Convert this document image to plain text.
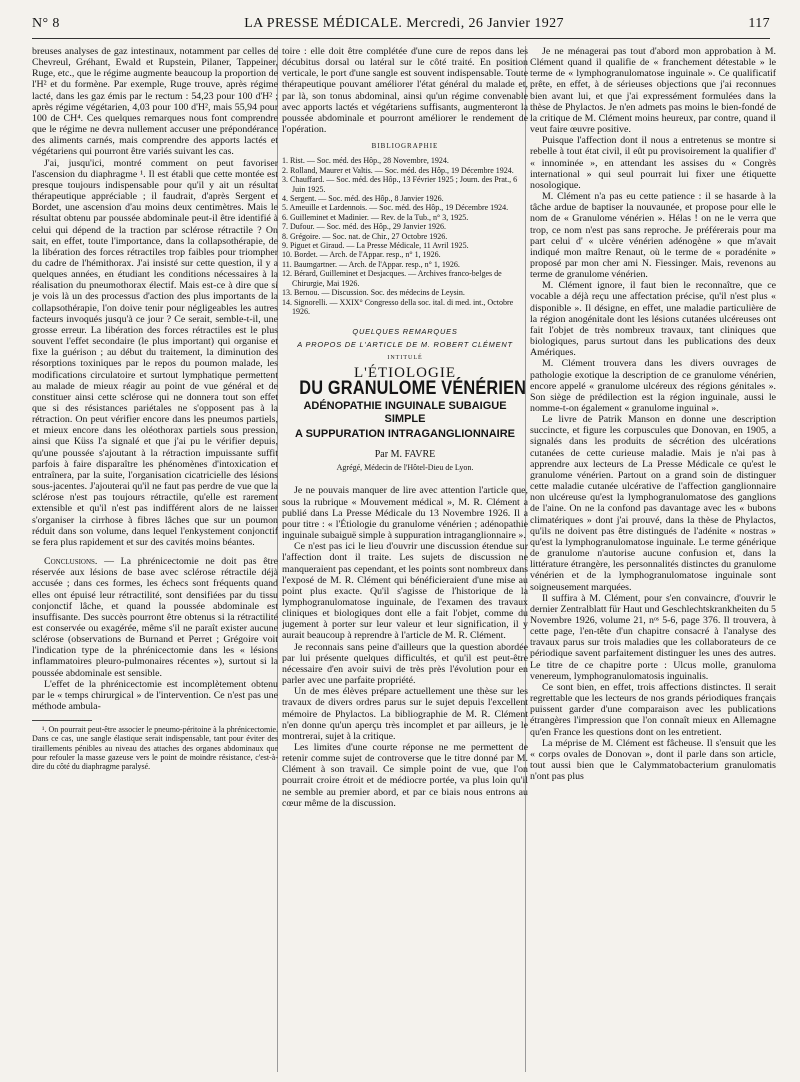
N° 8	LA PRESSE MÉDICALE. Mercredi, 26 Janvier 1927	117

breuses analyses de gaz intestinaux, notamment par celles de Chevreul, Gréhant, Ewald et Rupstein, Pilaner, Tappeiner, Ruge, etc., que le régime augmente beaucoup la proportion de l'H² et du formène. Par exemple, Ruge trouve, après régime lacté, dans les gaz émis par le rectum : 54,23 pour 100 d'H² ; après régime végétarien, 4,03 pour 100 d'H², mais 55,94 pour 100 de CH⁴. Ces quelques remarques nous font comprendre que le régime ne devra nullement accuser une prépondérance des aliments carnés, mais comprendre des apports lactés et végétariens qui pourront être variés suivant les cas.

J'ai, jusqu'ici, montré comment on peut favoriser l'ascension du diaphragme ¹. Il est établi que cette montée est presque toujours indispensable pour qu'il y ait un résultat thérapeutique appréciable ; il faudrait, d'après Sergent et Bordet, une ascension d'au moins deux centimètres. Mais le résultat obtenu par poussée abdominale peut-il être identifié à celui qui dépend de la traction par sclérose rétractile ? On sait, en effet, toute l'importance, dans la collapsothérapie, de la libération des forces rétractiles trop faibles pour triompher du cadre de l'hémithorax. J'ai insisté sur cette question, il y a quelques années, en étudiant les conditions nécessaires à la réalisation du pneumothorax électif. Mais est-ce à dire que si je vois là un des processus d'action des plus importants de la collapsothérapie, l'on doive tenir pour négligeables les autres facteurs invoqués jusqu'à ce jour ? Ce serait, semble-t-il, une grosse erreur. La libération des forces rétractiles est le plus souvent l'effet secondaire (le plus important) qui organise et fixe la guérison ; au début du traitement, la diminution des résorptions toxiniques par le repos du poumon malade, les modifications circulatoire et surtout lymphatique permettent au malade de mieux réagir au point de vue général et de constituer ainsi cette sclérose qui ne donnera tout son effet que si des résistances pariétales ne s'opposent pas à la rétraction. On peut vérifier encore dans les pneumos partiels, et mieux encore dans les oléothorax partiels sous pression, ainsi que Küss l'a signalé et que j'ai pu le vérifier depuis, qu'une poussée s'ajoutant à la rétraction impuissante suffit parfois à faire disparaître les phénomènes d'intoxication et entraînera, par la suite, l'organisation cicatricielle des lésions sous-jacentes. J'ajouterai qu'il ne faut pas perdre de vue que la sclérose n'est pas toujours rétractile, qu'elle est rarement extensible et qu'il n'est pas indifférent alors de ne laisser s'organiser la cirrhose à fibres lâches que sur un poumon réduit dans son volume, dans lequel l'enkystement conjonctif se fera plus rapidement et sur des cavités moins béantes.

Conclusions. — La phrénicectomie ne doit pas être réservée aux lésions de base avec sclérose rétractile déjà accusée ; dans ces formes, les échecs sont fréquents quand elles ont épuisé leur rétractilité, sont densifiées par du tissu conjonctif lâche, et quand la poussée abdominale est insuffisante. Des succès pourront être obtenus si la rétractilité est conservée ou exagérée, même s'il ne paraît exister aucune sclérose (observations de Burnand et Perret ; Grégoire voit l'indication type de la phrénicectomie dans les « lésions inflammatoires pleuro-pulmonaires récentes »), surtout si la poussée abdominale est sensible.

L'effet de la phrénicectomie est incomplètement obtenu par le « temps chirurgical » de l'intervention. Ce n'est pas une méthode ambula-

¹. On pourrait peut-être associer le pneumo-péritoine à la phrénicectomie. Dans ce cas, une sangle élastique serait indispensable, tant pour éviter des tiraillements pénibles au niveau des attaches des organes abdominaux que pour refouler la masse gazeuse vers le point de moindre résistance, c'est-à-dire du côté du diaphragme paralysé.

toire : elle doit être complétée d'une cure de repos dans les décubitus dorsal ou latéral sur le côté traité. En position verticale, le port d'une sangle est souvent indispensable. Toute thérapeutique pouvant améliorer l'état général du malade et, par là, son tonus abdominal, ainsi qu'un régime convenable avec apports lactés et végétariens suffisants, augmenteront la poussée abdominale et pourront améliorer le rendement de l'opération.

BIBLIOGRAPHIE

1. Rist. — Soc. méd. des Hôp., 28 Novembre, 1924.

2. Rolland, Maurer et Valtis. — Soc. méd. des Hôp., 19 Décembre 1924.

3. Chauffard. — Soc. méd. des Hôp., 13 Février 1925 ; Journ. des Prat., 6 Juin 1925.

4. Sergent. — Soc. méd. des Hôp., 8 Janvier 1926.

5. Ameuille et Lardennois. — Soc. méd. des Hôp., 19 Décembre 1924.

6. Guilleminet et Madinier. — Rev. de la Tub., n° 3, 1925.

7. Dufour. — Soc. méd. des Hôp., 29 Janvier 1926.

8. Grégoire. — Soc. nat. de Chir., 27 Octobre 1926.

9. Piguet et Giraud. — La Presse Médicale, 11 Avril 1925.

10. Bordet. — Arch. de l'Appar. resp., n° 1, 1926.

11. Baumgartner. — Arch. de l'Appar. resp., n° 1, 1926.

12. Bérard, Guilleminet et Desjacques. — Archives franco-belges de Chirurgie, Mai 1926.

13. Bernou. — Discussion. Soc. des médecins de Leysin.

14. Signorelli. — XXIX° Congresso della soc. ital. di med. int., Octobre 1926.

QUELQUES REMARQUES
A PROPOS DE L'ARTICLE DE M. ROBERT CLÉMENT
INTITULÉ
L'ÉTIOLOGIE
DU GRANULOME VÉNÉRIEN
ADÉNOPATHIE INGUINALE SUBAIGUE SIMPLE
A SUPPURATION INTRAGANGLIONNAIRE
Par M. FAVRE
Agrégé, Médecin de l'Hôtel-Dieu de Lyon.

Je ne pouvais manquer de lire avec attention l'article que, sous la rubrique « Mouvement médical », M. R. Clément a publié dans La Presse Médicale du 13 Novembre 1926. Il a pour titre : « l'Étiologie du granulome vénérien ; adénopathie inguinale subaiguë simple à suppuration intraganglionnaire ».

Ce n'est pas ici le lieu d'ouvrir une discussion étendue sur l'affection dont il traite. Les sujets de discussion ne manqueraient pas cependant, et les points sont nombreux dans l'exposé de M. R. Clément qui bénéficieraient d'une mise au point plus exacte. Qu'il s'agisse de l'historique de la lymphogranulomatose inguinale, de l'examen des travaux cliniques et biologiques dont elle a fait l'objet, comme du jugement à porter sur leur valeur et leur signification, il y aurait beaucoup à reprendre à l'article de M. R. Clément.

Je reconnais sans peine d'ailleurs que la question abordée par lui présente quelques difficultés, et qu'il est peut-être nécessaire d'en avoir suivi de très près l'évolution pour en parler avec une parfaite propriété.

Un de mes élèves prépare actuellement une thèse sur les travaux de divers ordres parus sur le sujet depuis l'excellent mémoire de Phylactos. La bibliographie de M. R. Clément n'en donne qu'un aperçu très incomplet et par ailleurs, je le montrerai, sujet à la critique.

Les limites d'une courte réponse ne me permettent de retenir comme sujet de controverse que le titre donné par M. Clément à son travail. Ce simple point de vue, que l'on pourrait croire étroit et de médiocre portée, va plus loin qu'il ne semble au premier abord, et par ce biais nous entrons au cœur même de la discussion.

Je ne ménagerai pas tout d'abord mon approbation à M. Clément quand il qualifie de « franchement détestable » le terme de « lymphogranulomatose inguinale ». Ce qualificatif prête, en effet, à de sérieuses objections que j'ai reconnues bien avant lui, et que j'ai expressément formulées dans la thèse de Phylactos. Je n'en admets pas moins le bien-fondé de la critique de M. Clément moins heureux, par contre, quand il veut faire œuvre positive.

Puisque l'affection dont il nous a entretenus se montre si rebelle à tout état civil, il eût pu provisoirement la qualifier d' « innominée », en attendant les assises du « Congrès international » qui seul pourrait lui fixer une étiquette nosologique.

M. Clément n'a pas eu cette patience : il se hasarde à la tâche ardue de baptiser la nouvaunée, et propose pour elle le nom de « Granulome vénérien ». Hélas ! on ne le verra que trop, ce nom n'est pas sans reproche. Je préférerais pour ma part celui d' « ulcère vénérien adénogène » que m'avait indiqué mon maître Renaut, où le terme de « poradénite » proposé par mon cher ami N. Fiessinger. Mais, revenons au terme de granulome vénérien.

M. Clément ignore, il faut bien le reconnaître, que ce vocable a déjà reçu une affectation précise, qu'il n'est plus « disponible ». Il désigne, en effet, une maladie particulière de la région anogénitale dont les lésions cutanées ulcéreuses ont fait l'objet de très nombreux travaux, tant cliniques que biologiques, parus surtout dans les publications des deux Amériques.

M. Clément trouvera dans les divers ouvrages de pathologie exotique la description de ce granulome vénérien, encore appelé « granulome ulcéreux des régions génitales ». Son siège de prédilection est la région inguinale, aussi le nomme-t-on également « granulome inguinal ».

Le livre de Patrik Manson en donne une description succincte, et figure les corpuscules que Donovan, en 1905, a signalés dans les produits de sécrétion des ulcérations cutanées de cette curieuse maladie. Mais je n'ai pas à apprendre aux lecteurs de La Presse Médicale ce qu'est le granulome vénérien. Partout on a grand soin de distinguer cette maladie cutanée ulcérative de l'affection ganglionnaire non ulcéreuse qu'est la lymphogranulomatose des ganglions de l'aine. On ne la confond pas davantage avec les « bubons climatériques » dont j'ai prouvé, dans la thèse de Phylactos, qu'ils ne doivent pas être distingués de l'adénite « nostras » qu'est la lymphogranulomatose inguinale. Le terme générique de granulome n'autorise aucune confusion et, dans la littérature étrangère, les personnalités distinctes du granulome vénérien et de la lymphogranulomatose inguinale sont soigneusement marquées.

Il suffira à M. Clément, pour s'en convaincre, d'ouvrir le dernier Zentralblatt für Haut und Geschlechtskrankheiten du 5 Novembre 1926, volume 21, nᵒˢ 5-6, page 376. Il trouvera, à cette page, l'en-tête d'un chapitre consacré à l'analyse des travaux parus sur trois maladies que les collaborateurs de ce périodique savent parfaitement distinguer les unes des autres. Le titre de ce chapitre porte : Ulcus molle, granuloma venereum, lymphogranulomatosis inguinalis.

Ce sont bien, en effet, trois affections distinctes. Il serait regrettable que les lecteurs de nos grands périodiques français puissent garder d'une comparaison avec les publications étrangères l'impression que l'on connaît mieux en Allemagne qu'en France les questions dont on les entretient.

La méprise de M. Clément est fâcheuse. Il s'ensuit que les « corps ovales de Donovan », dont il parle dans son article, tout aussi bien que le Calymmatobacterium granulomatis n'ont pas plus
